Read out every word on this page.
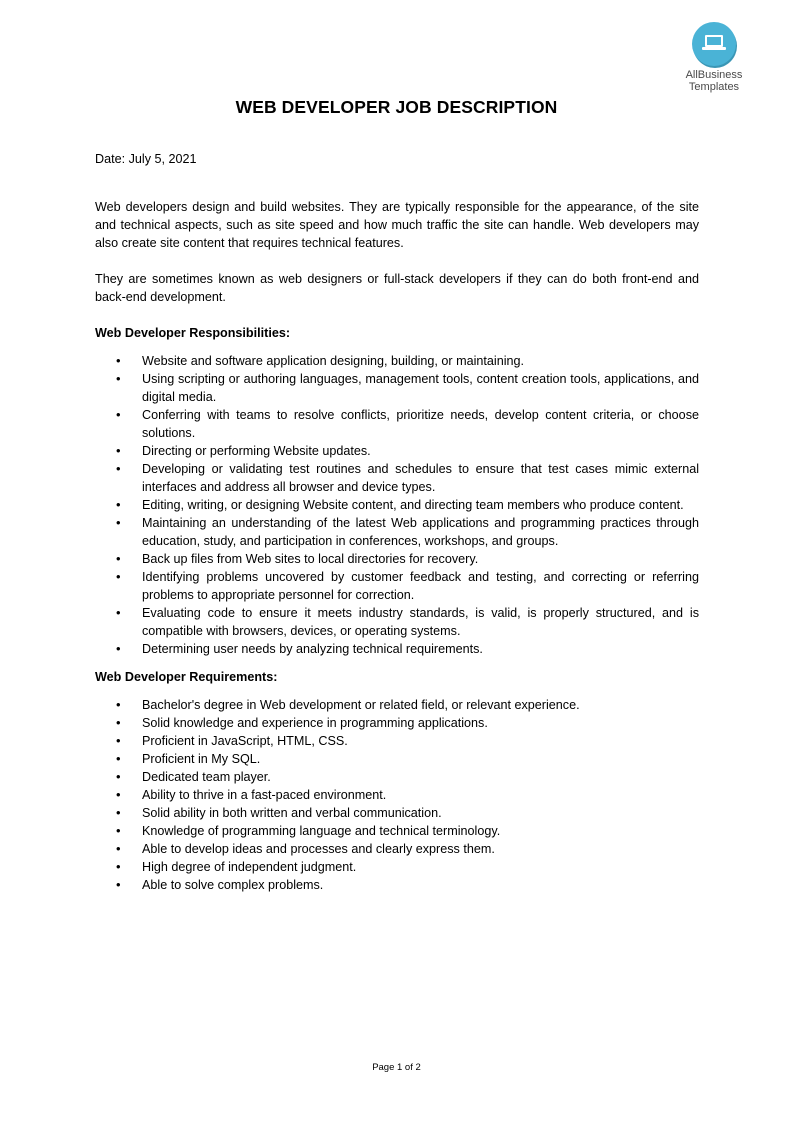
AllBusiness
Templates
WEB DEVELOPER JOB DESCRIPTION

Date: July 5, 2021

Web developers design and build websites. They are typically responsible for the appearance, of the site and technical aspects, such as site speed and how much traffic the site can handle. Web developers may also create site content that requires technical features.

They are sometimes known as web designers or full-stack developers if they can do both front-end and back-end development.

Web Developer Responsibilities:

• Website and software application designing, building, or maintaining.
• Using scripting or authoring languages, management tools, content creation tools, applications, and digital media.
• Conferring with teams to resolve conflicts, prioritize needs, develop content criteria, or choose solutions.
• Directing or performing Website updates.
• Developing or validating test routines and schedules to ensure that test cases mimic external interfaces and address all browser and device types.
• Editing, writing, or designing Website content, and directing team members who produce content.
• Maintaining an understanding of the latest Web applications and programming practices through education, study, and participation in conferences, workshops, and groups.
• Back up files from Web sites to local directories for recovery.
• Identifying problems uncovered by customer feedback and testing, and correcting or referring problems to appropriate personnel for correction.
• Evaluating code to ensure it meets industry standards, is valid, is properly structured, and is compatible with browsers, devices, or operating systems.
• Determining user needs by analyzing technical requirements.

Web Developer Requirements:

• Bachelor's degree in Web development or related field, or relevant experience.
• Solid knowledge and experience in programming applications.
• Proficient in JavaScript, HTML, CSS.
• Proficient in My SQL.
• Dedicated team player.
• Ability to thrive in a fast-paced environment.
• Solid ability in both written and verbal communication.
• Knowledge of programming language and technical terminology.
• Able to develop ideas and processes and clearly express them.
• High degree of independent judgment.
• Able to solve complex problems.
Page 1 of 2
